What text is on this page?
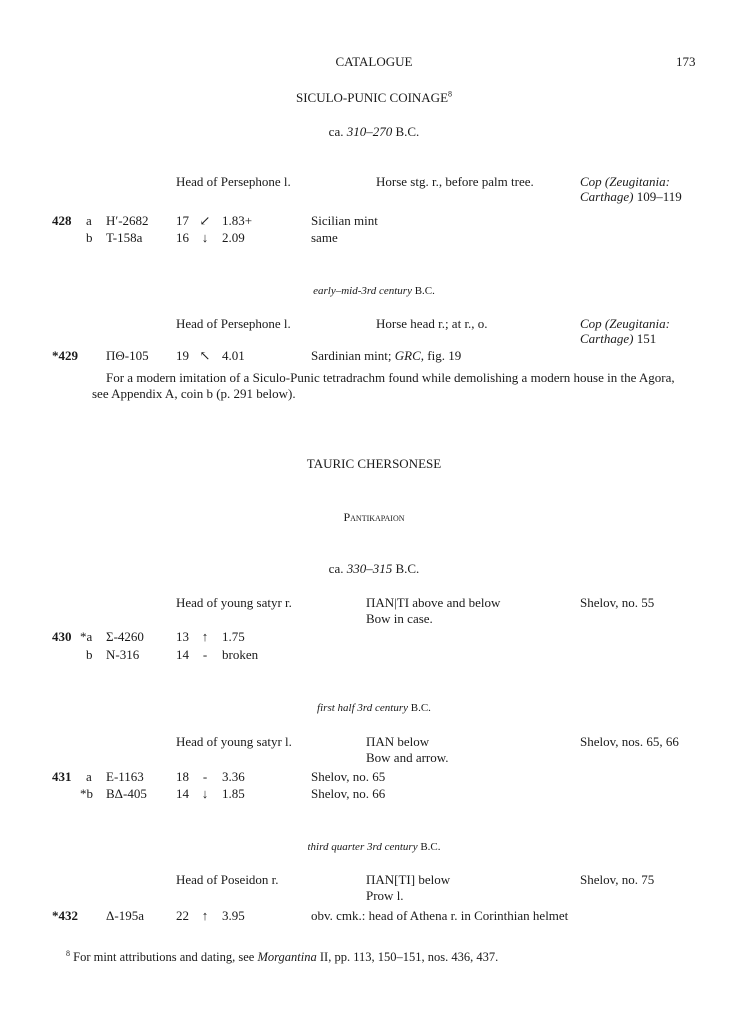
CATALOGUE	173
SICULO-PUNIC COINAGE$^8$
ca. 310–270 B.C.
Head of Persephone l.	Horse stg. r., before palm tree.	Cop (Zeugitania:
Carthage) 109–119
428 a H′-2682 17 ↙ 1.83+	Sicilian mint
b T-158a	16 ↓ 2.09	same
early–mid-3rd century B.C.
Head of Persephone l.	Horse head r.; at r., o.	Cop (Zeugitania:
Carthage) 151
*429 ΠΘ-105 19 ↖ 4.01	Sardinian mint; GRC, fig. 19
For a modern imitation of a Siculo-Punic tetradrachm found while demolishing a modern house in the Agora,
see Appendix A, coin b (p. 291 below).
TAURIC CHERSONESE
Pantikapaion
ca. 330–315 B.C.
Head of young satyr r.	ΠΑΝ|ΤΙ above and below
Bow in case.
Shelov, no. 55
430 *a Σ-4260 13 ↑ 1.75
b N-316	14	-	broken
first half 3rd century B.C.
Head of young satyr l.	ΠΑΝ below
Bow and arrow.
Shelov, nos. 65, 66
431 a E-1163 18	-	3.36	Shelov, no. 65
*b ΒΔ-405 14 ↓ 1.85	Shelov, no. 66
third quarter 3rd century B.C.
Head of Poseidon r.	ΠΑΝ[ΤΙ] below
Prow l.
Shelov, no. 75
*432 Δ-195a 22 ↑ 3.95	obv. cmk.: head of Athena r. in Corinthian helmet
$^8$ For mint attributions and dating, see Morgantina II, pp. 113, 150–151, nos. 436, 437.
